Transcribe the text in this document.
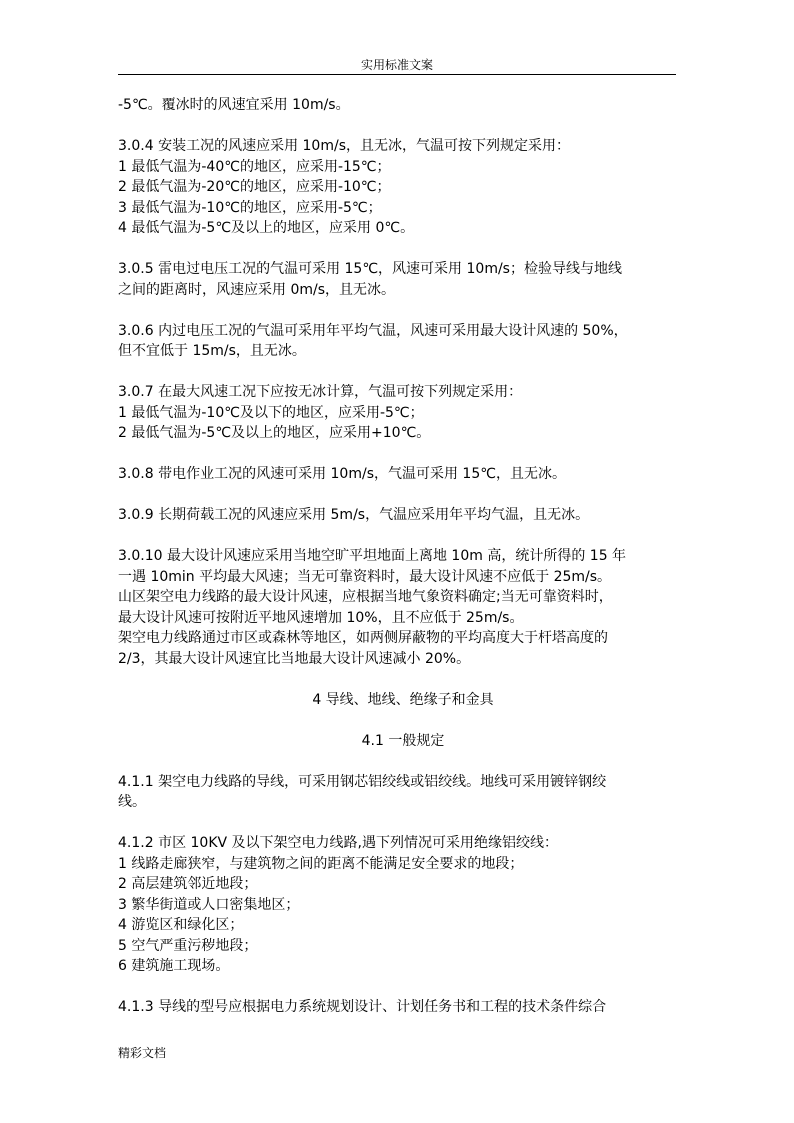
实用标准文案
-5℃。覆冰时的风速宜采用 10m/s。
3.0.4 安装工况的风速应采用 10m/s，且无冰，气温可按下列规定采用：
1 最低气温为-40℃的地区，应采用-15℃；
2 最低气温为-20℃的地区，应采用-10℃；
3 最低气温为-10℃的地区，应采用-5℃；
4 最低气温为-5℃及以上的地区，应采用 0℃。
3.0.5 雷电过电压工况的气温可采用 15℃，风速可采用 10m/s；检验导线与地线
之间的距离时，风速应采用 0m/s，且无冰。
3.0.6 内过电压工况的气温可采用年平均气温，风速可采用最大设计风速的 50%，
但不宜低于 15m/s，且无冰。
3.0.7 在最大风速工况下应按无冰计算，气温可按下列规定采用：
1 最低气温为-10℃及以下的地区，应采用-5℃；
2 最低气温为-5℃及以上的地区，应采用+10℃。
3.0.8 带电作业工况的风速可采用 10m/s，气温可采用 15℃，且无冰。
3.0.9 长期荷载工况的风速应采用 5m/s，气温应采用年平均气温，且无冰。
3.0.10 最大设计风速应采用当地空旷平坦地面上离地 10m 高，统计所得的 15 年
一遇 10min 平均最大风速；当无可靠资料时，最大设计风速不应低于 25m/s。
山区架空电力线路的最大设计风速，应根据当地气象资料确定;当无可靠资料时，
最大设计风速可按附近平地风速增加 10%，且不应低于 25m/s。
架空电力线路通过市区或森林等地区，如两侧屏蔽物的平均高度大于杆塔高度的
2/3，其最大设计风速宜比当地最大设计风速减小 20%。
4 导线、地线、绝缘子和金具
4.1 一般规定
4.1.1 架空电力线路的导线，可采用钢芯铝绞线或铝绞线。地线可采用镀锌钢绞
线。
4.1.2 市区 10KV 及以下架空电力线路,遇下列情况可采用绝缘铝绞线：
1 线路走廊狭窄，与建筑物之间的距离不能满足安全要求的地段；
2 高层建筑邻近地段；
3 繁华街道或人口密集地区；
4 游览区和绿化区；
5 空气严重污秽地段；
6 建筑施工现场。
4.1.3 导线的型号应根据电力系统规划设计、计划任务书和工程的技术条件综合
精彩文档
